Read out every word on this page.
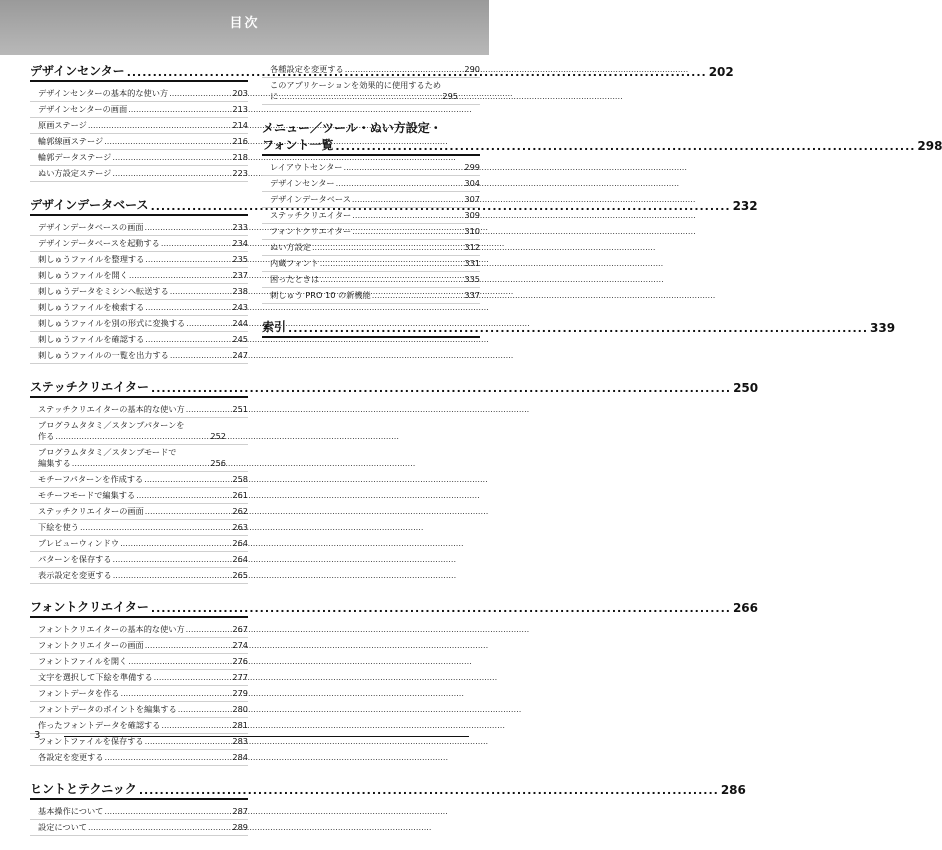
目次
デザインセンター .....	202
デザインセンターの基本的な使い方 .....	203
デザインセンターの画面 .....	213
原画ステージ .....	214
輪郭線画ステージ .....	216
輪郭データステージ .....	218
ぬい方設定ステージ .....	223
デザインデータベース .....	232
デザインデータベースの画面 .....	233
デザインデータベースを起動する .....	234
刺しゅうファイルを整理する .....	235
刺しゅうファイルを開く .....	237
刺しゅうデータをミシンへ転送する .....	238
刺しゅうファイルを検索する .....	243
刺しゅうファイルを別の形式に変換する .....	244
刺しゅうファイルを確認する .....	245
刺しゅうファイルの一覧を出力する .....	247
ステッチクリエイター .....	250
ステッチクリエイターの基本的な使い方 .....	251
プログラムタタミ／スタンプパターンを
作る .....	252
プログラムタタミ／スタンプモードで
編集する .....	256
モチーフパターンを作成する .....	258
モチーフモードで編集する .....	261
ステッチクリエイターの画面 .....	262
下絵を使う .....	263
プレビューウィンドウ .....	264
パターンを保存する .....	264
表示設定を変更する .....	265
フォントクリエイター .....	266
フォントクリエイターの基本的な使い方 .....	267
フォントクリエイターの画面 .....	274
フォントファイルを開く .....	276
文字を選択して下絵を準備する .....	277
フォントデータを作る .....	279
フォントデータのポイントを編集する .....	280
作ったフォントデータを確認する .....	281
フォントファイルを保存する .....	283
各設定を変更する .....	284
ヒントとテクニック .....	286
基本操作について .....	287
設定について .....	289
各種設定を変更する .....	290
このアプリケーションを効果的に使用するため
に .....	295
メニュー／ツール・ぬい方設定・
フォント一覧 .....	298
レイアウトセンター .....	299
デザインセンター .....	304
デザインデータベース .....	307
ステッチクリエイター .....	309
フォントクリエイター .....	310
ぬい方設定 .....	312
内蔵フォント .....	331
困ったときは .....	335
刺しゅう PRO 10 の新機能 .....	337
索引 .....	339
3
